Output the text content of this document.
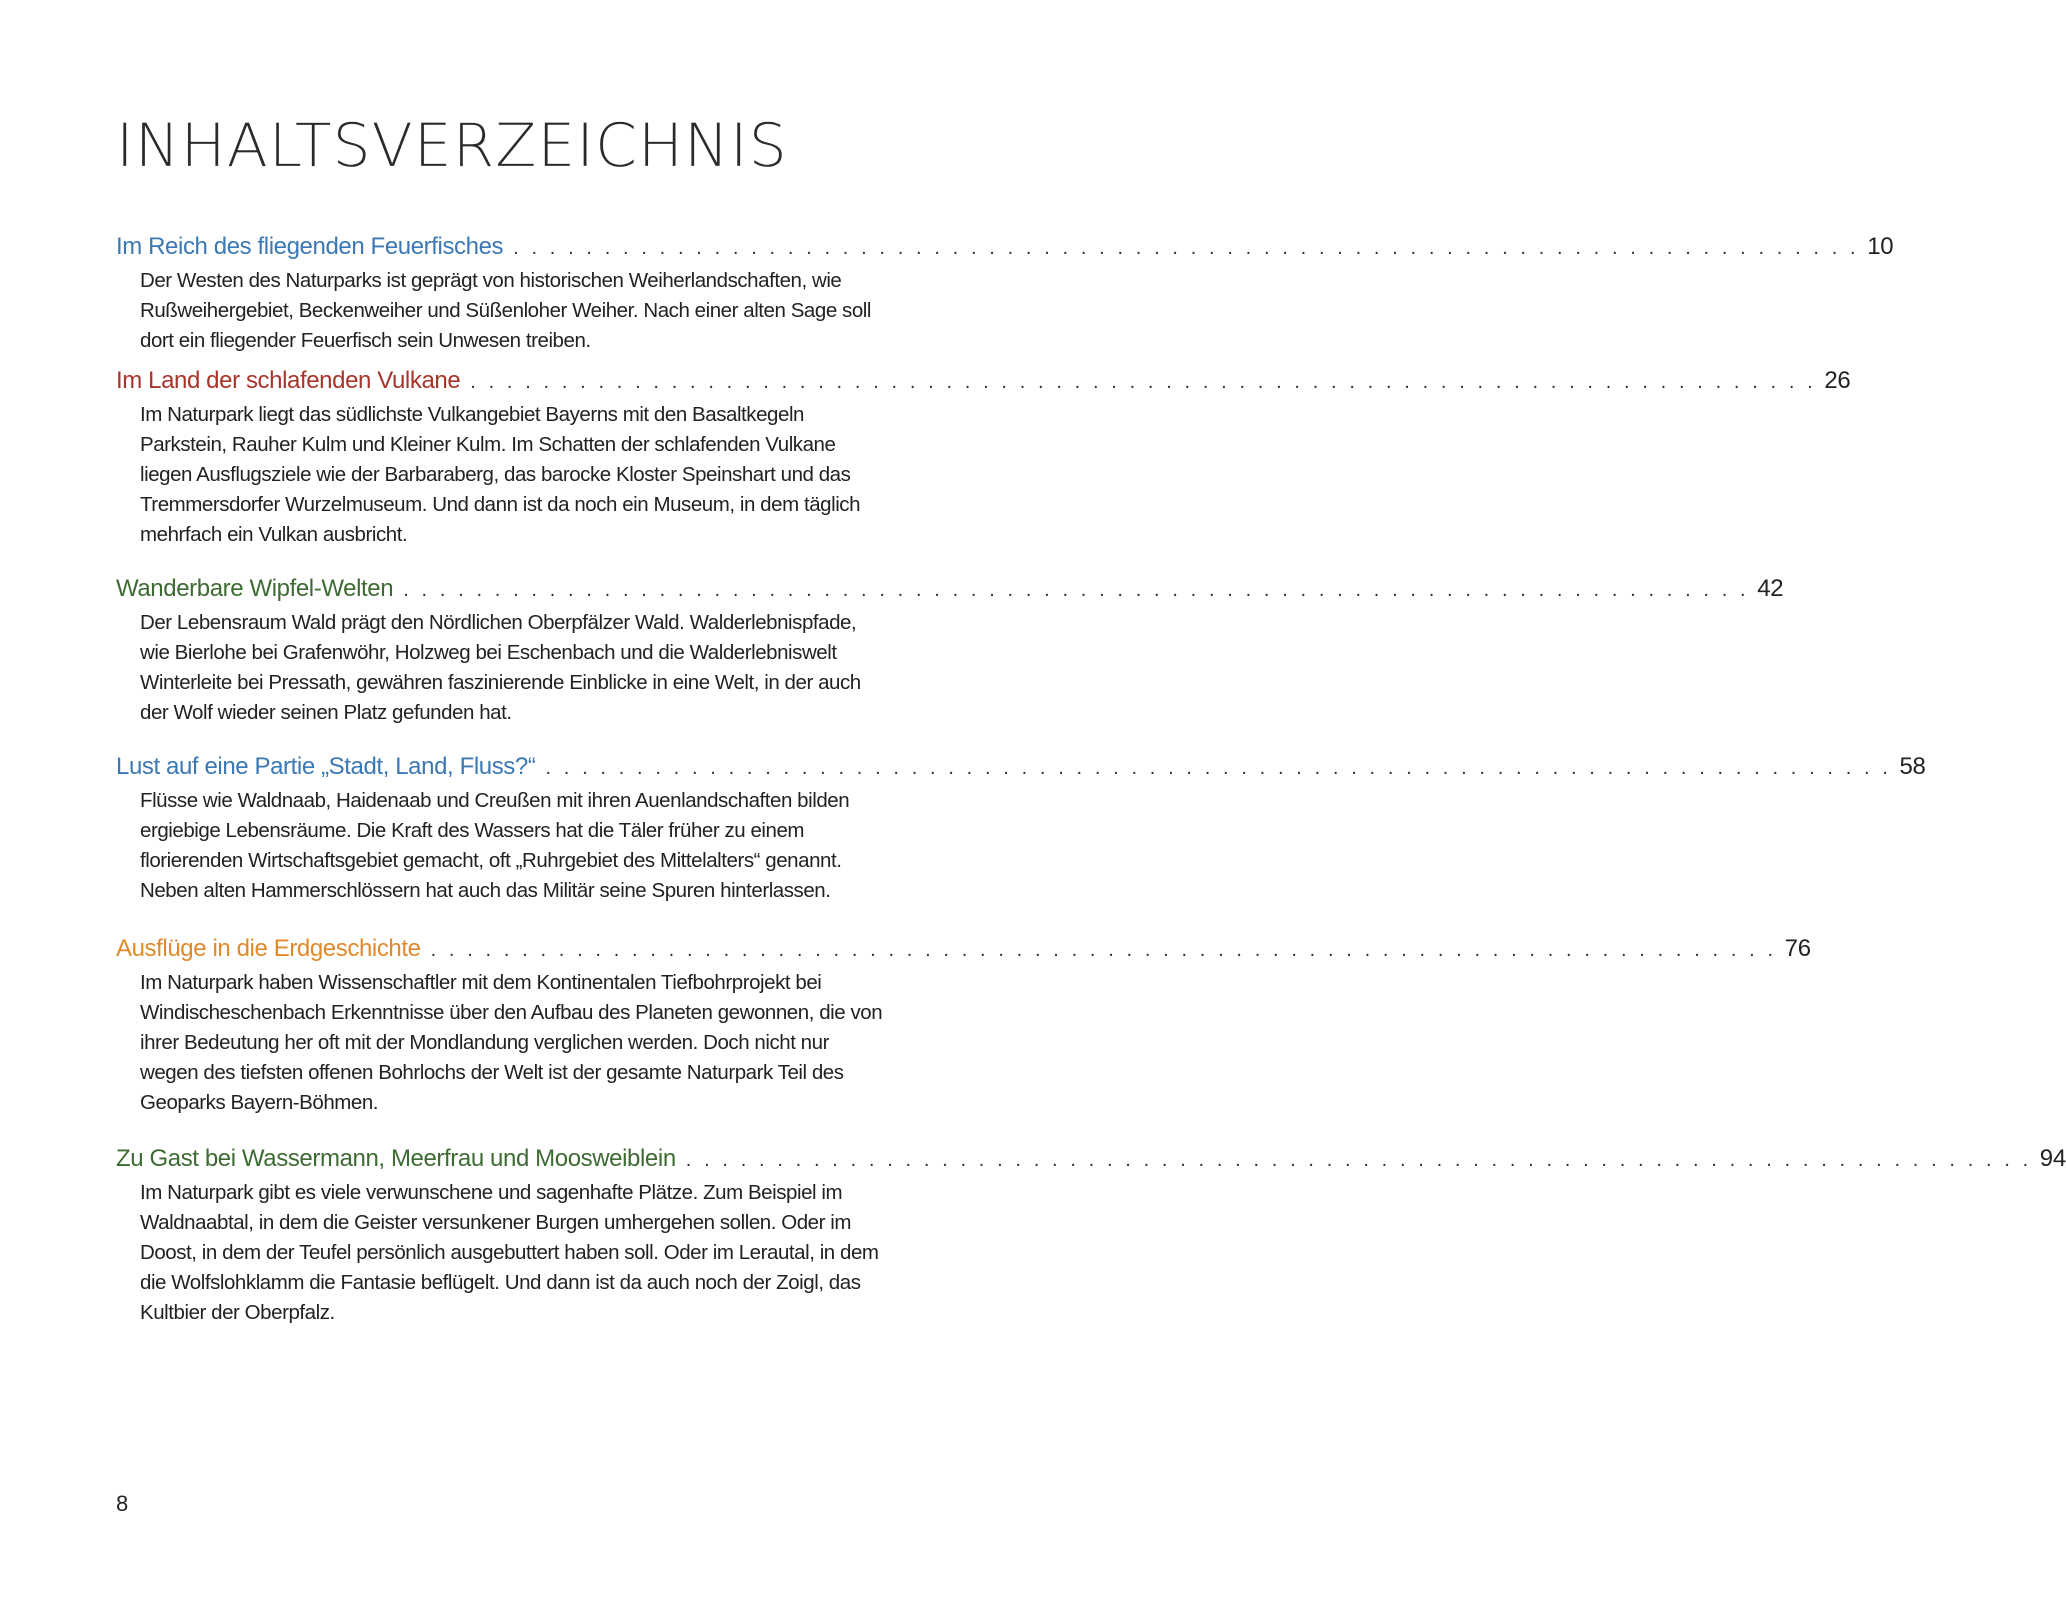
INHALTSVERZEICHNIS
Im Reich des fliegenden Feuerfisches . . . . . . . . . . . . . . . . . . . . . . . . . . . . . . . . . . . . . . . . . . . . . . . . . . . . . . . . . . . . . . . . . . . . . . . . . . 10

Der Westen des Naturparks ist geprägt von historischen Weiherlandschaften, wie Rußweihergebiet, Beckenweiher und Süßenloher Weiher. Nach einer alten Sage soll dort ein fliegender Feuerfisch sein Unwesen treiben.

Im Land der schlafenden Vulkane . . . . . . . . . . . . . . . . . . . . . . . . . . . . . . . . . . . . . . . . . . . . . . . . . . . . . . . . . . . . . . . . . . . . . . . . . . 26

Im Naturpark liegt das südlichste Vulkangebiet Bayerns mit den Basaltkegeln Parkstein, Rauher Kulm und Kleiner Kulm. Im Schatten der schlafenden Vulkane liegen Ausflugsziele wie der Barbaraberg, das barocke Kloster Speinshart und das Tremmersdorfer Wurzelmuseum. Und dann ist da noch ein Museum, in dem täglich mehrfach ein Vulkan ausbricht.

Wanderbare Wipfel-Welten . . . . . . . . . . . . . . . . . . . . . . . . . . . . . . . . . . . . . . . . . . . . . . . . . . . . . . . . . . . . . . . . . . . . . . . . . . 42

Der Lebensraum Wald prägt den Nördlichen Oberpfälzer Wald. Walderlebnispfade, wie Bierlohe bei Grafenwöhr, Holzweg bei Eschenbach und die Walderlebniswelt Winterleite bei Pressath, gewähren faszinierende Einblicke in eine Welt, in der auch der Wolf wieder seinen Platz gefunden hat.

Lust auf eine Partie „Stadt, Land, Fluss?“ . . . . . . . . . . . . . . . . . . . . . . . . . . . . . . . . . . . . . . . . . . . . . . . . . . . . . . . . . . . . . . . . . . . . . . . . . . 58

Flüsse wie Waldnaab, Haidenaab und Creußen mit ihren Auenlandschaften bilden ergiebige Lebensräume. Die Kraft des Wassers hat die Täler früher zu einem florierenden Wirtschaftsgebiet gemacht, oft „Ruhrgebiet des Mittelalters“ genannt. Neben alten Hammerschlössern hat auch das Militär seine Spuren hinterlassen.

Ausflüge in die Erdgeschichte . . . . . . . . . . . . . . . . . . . . . . . . . . . . . . . . . . . . . . . . . . . . . . . . . . . . . . . . . . . . . . . . . . . . . . . . . . 76

Im Naturpark haben Wissenschaftler mit dem Kontinentalen Tiefbohrprojekt bei Windischeschenbach Erkenntnisse über den Aufbau des Planeten gewonnen, die von ihrer Bedeutung her oft mit der Mondlandung verglichen werden. Doch nicht nur wegen des tiefsten offenen Bohrlochs der Welt ist der gesamte Naturpark Teil des Geoparks Bayern-Böhmen.

Zu Gast bei Wassermann, Meerfrau und Moosweiblein . . . . . . . . . . . . . . . . . . . . . . . . . . . . . . . . . . . . . . . . . . . . . . . . . . . . . . . . . . . . . . . . . . . . . . . . . . 94

Im Naturpark gibt es viele verwunschene und sagenhafte Plätze. Zum Beispiel im Waldnaabtal, in dem die Geister versunkener Burgen umhergehen sollen. Oder im Doost, in dem der Teufel persönlich ausgebuttert haben soll. Oder im Lerautal, in dem die Wolfslohklamm die Fantasie beflügelt. Und dann ist da auch noch der Zoigl, das Kultbier der Oberpfalz.

8
